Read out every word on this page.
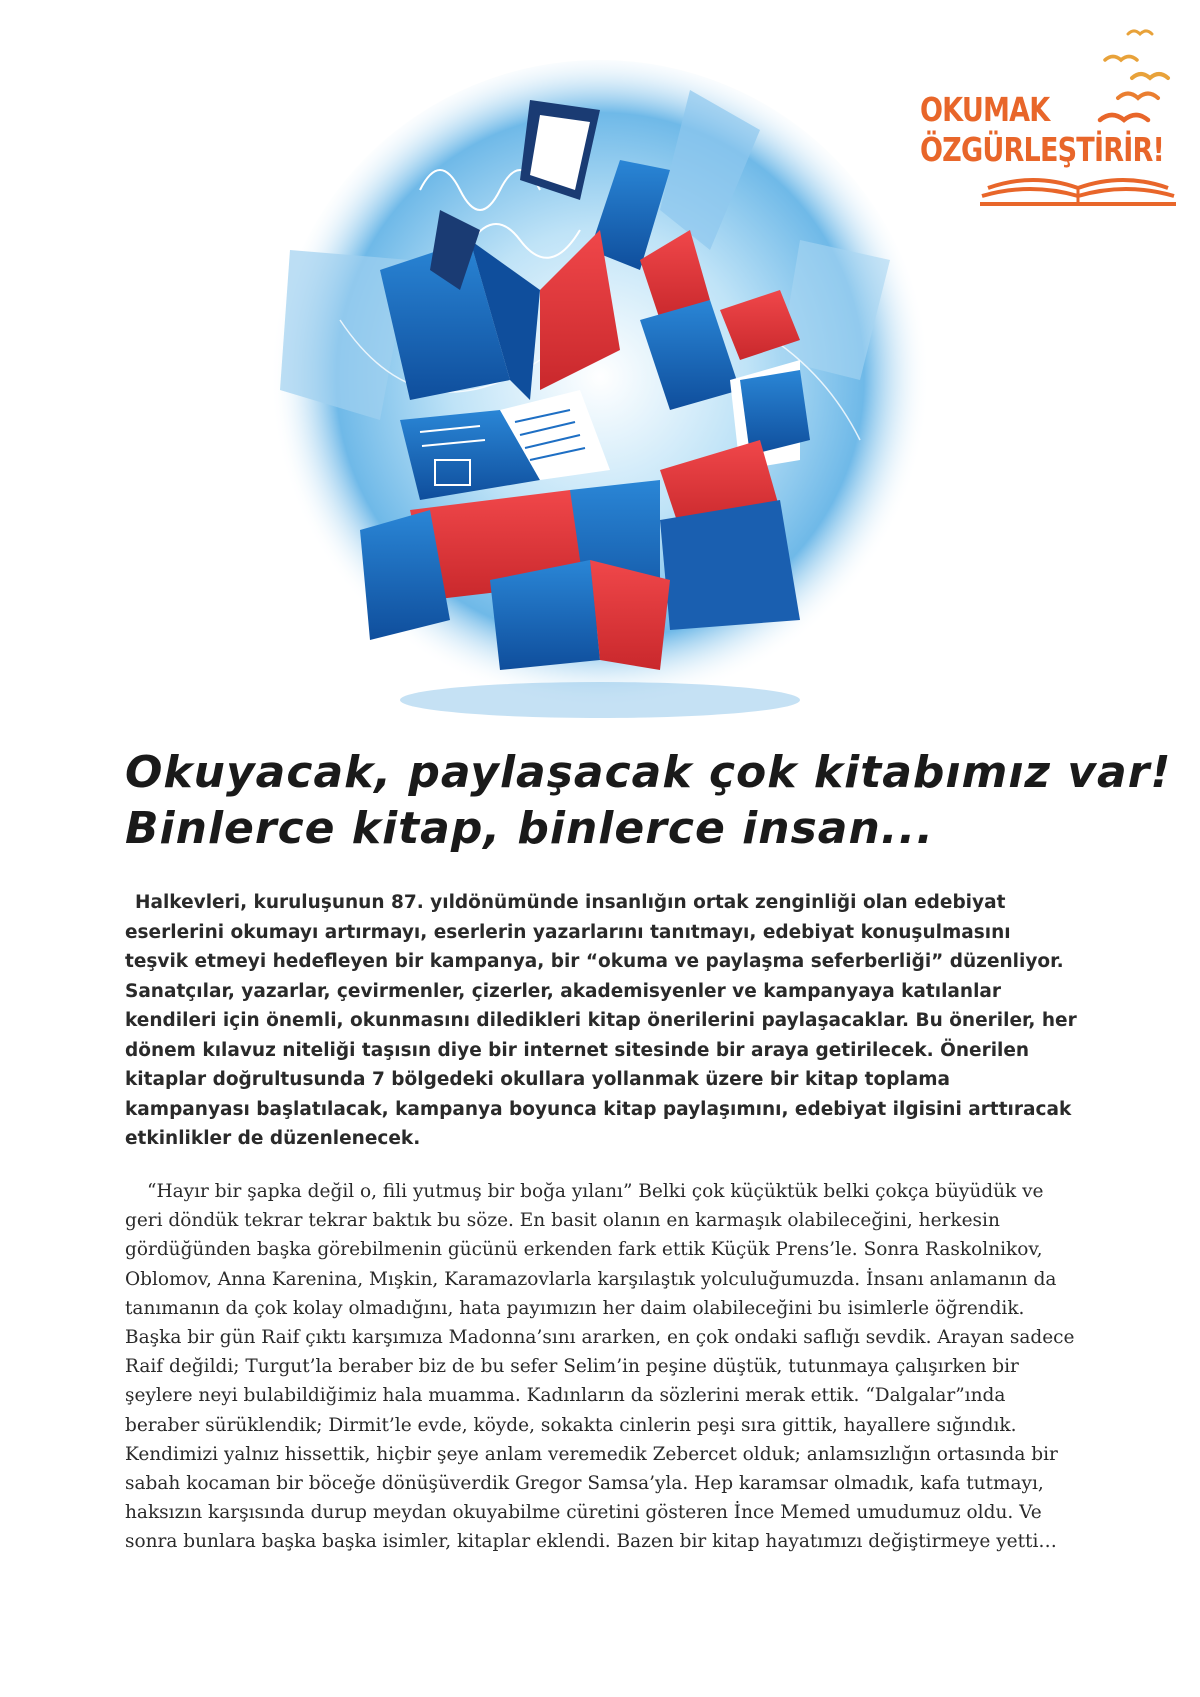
OKUMAK
ÖZGÜRLEŞTİRİR!
Okuyacak, paylaşacak çok kitabımız var!
Binlerce kitap, binlerce insan...

Halkevleri, kuruluşunun 87. yıldönümünde insanlığın ortak zenginliği olan edebiyat eserlerini okumayı artırmayı, eserlerin yazarlarını tanıtmayı, edebiyat konuşulmasını teşvik etmeyi hedefleyen bir kampanya, bir “okuma ve paylaşma seferberliği” düzenliyor. Sanatçılar, yazarlar, çevirmenler, çizerler, akademisyenler ve kampanyaya katılanlar kendileri için önemli, okunmasını diledikleri kitap önerilerini paylaşacaklar. Bu öneriler, her dönem kılavuz niteliği taşısın diye bir internet sitesinde bir araya getirilecek. Önerilen kitaplar doğrultusunda 7 bölgedeki okullara yollanmak üzere bir kitap toplama kampanyası başlatılacak, kampanya boyunca kitap paylaşımını, edebiyat ilgisini arttıracak etkinlikler de düzenlenecek.

“Hayır bir şapka değil o, fili yutmuş bir boğa yılanı” Belki çok küçüktük belki çokça büyüdük ve geri döndük tekrar tekrar baktık bu söze. En basit olanın en karmaşık olabileceğini, herkesin gördüğünden başka görebilmenin gücünü erkenden fark ettik Küçük Prens’le. Sonra Raskolnikov, Oblomov, Anna Karenina, Mışkin, Karamazovlarla karşılaştık yolculuğumuzda. İnsanı anlamanın da tanımanın da çok kolay olmadığını, hata payımızın her daim olabileceğini bu isimlerle öğrendik. Başka bir gün Raif çıktı karşımıza Madonna’sını ararken, en çok ondaki saflığı sevdik. Arayan sadece Raif değildi; Turgut’la beraber biz de bu sefer Selim’in peşine düştük, tutunmaya çalışırken bir şeylere neyi bulabildiğimiz hala muamma. Kadınların da sözlerini merak ettik. “Dalgalar”ında beraber sürüklendik; Dirmit’le evde, köyde, sokakta cinlerin peşi sıra gittik, hayallere sığındık. Kendimizi yalnız hissettik, hiçbir şeye anlam veremedik Zebercet olduk; anlamsızlığın ortasında bir sabah kocaman bir böceğe dönüşüverdik Gregor Samsa’yla. Hep karamsar olmadık, kafa tutmayı, haksızın karşısında durup meydan okuyabilme cüretini gösteren İnce Memed umudumuz oldu. Ve sonra bunlara başka başka isimler, kitaplar eklendi. Bazen bir kitap hayatımızı değiştirmeye yetti…
